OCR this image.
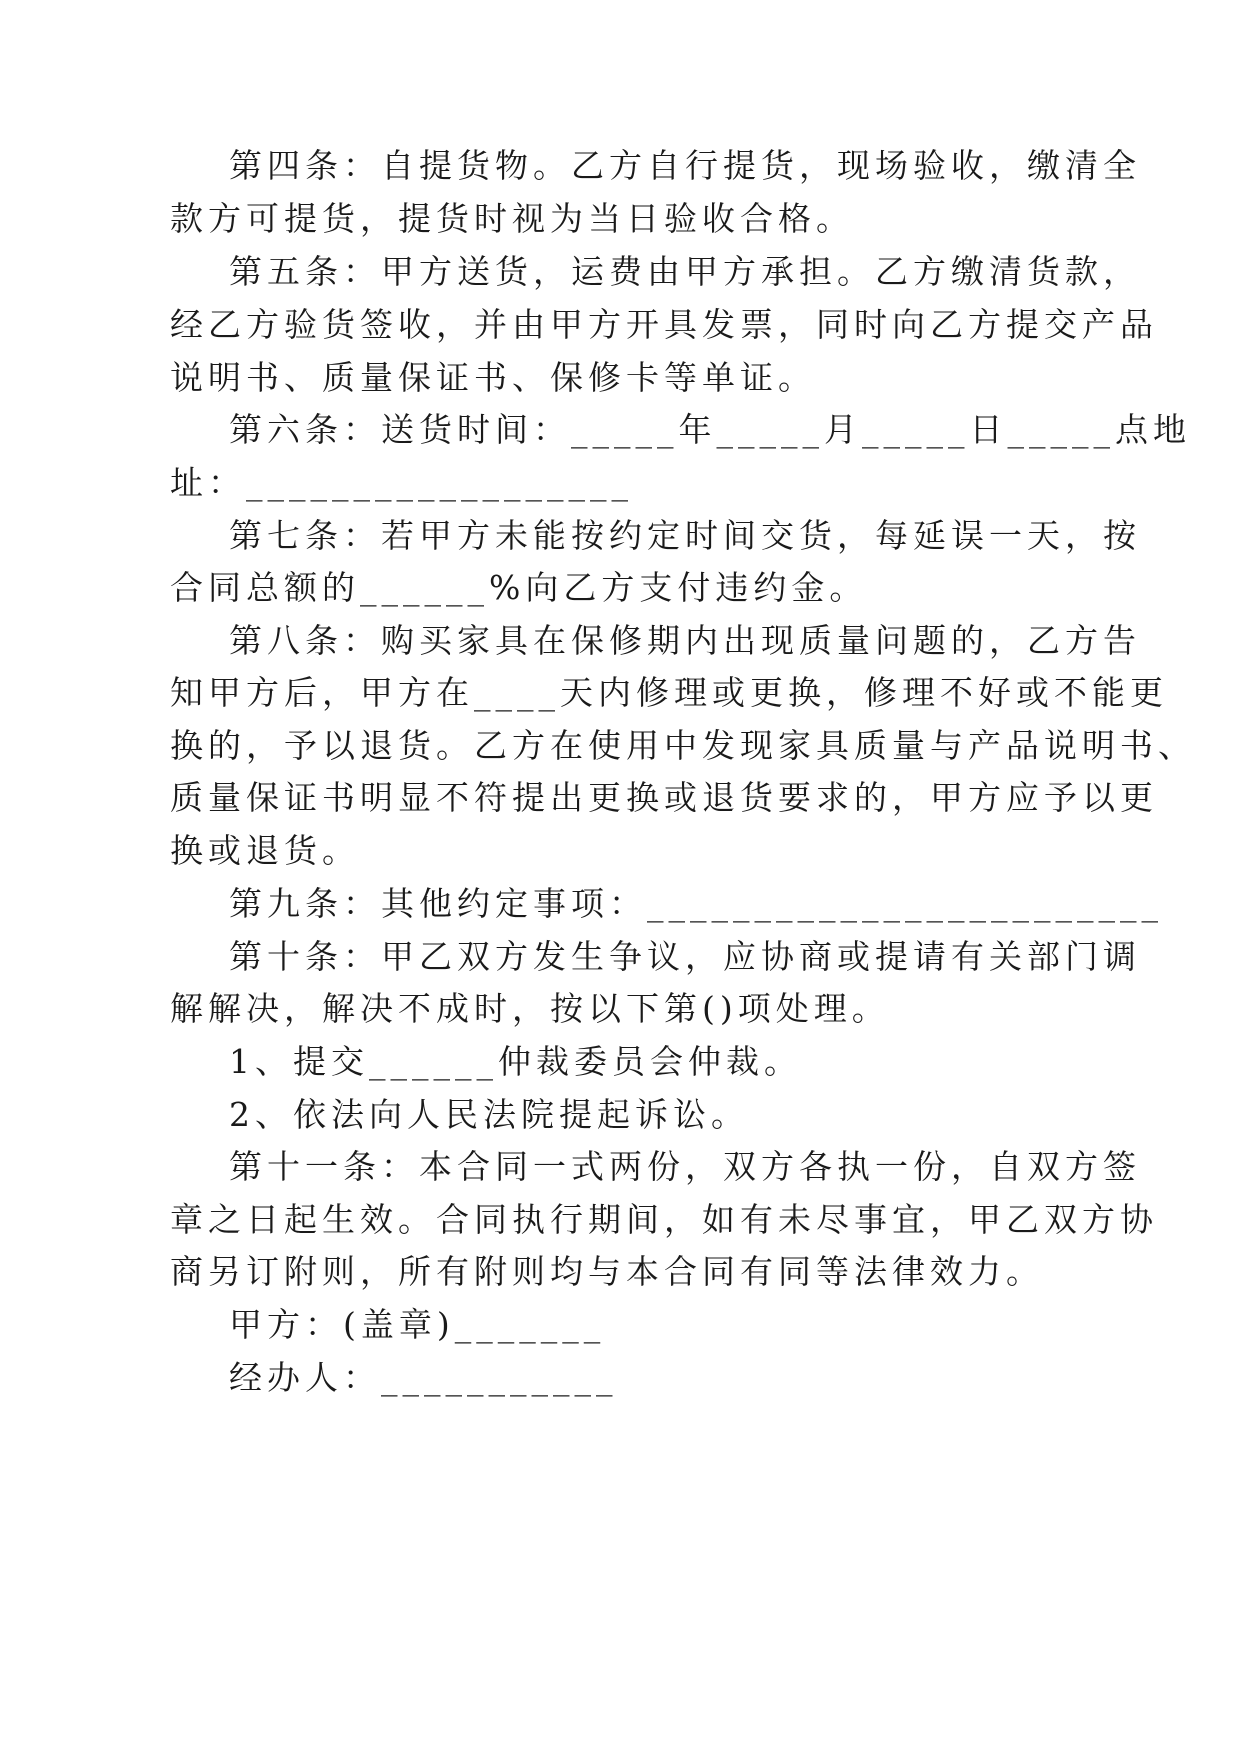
第四条：自提货物。乙方自行提货，现场验收，缴清全

款方可提货，提货时视为当日验收合格。

第五条：甲方送货，运费由甲方承担。乙方缴清货款，

经乙方验货签收，并由甲方开具发票，同时向乙方提交产品

说明书、质量保证书、保修卡等单证。

第六条：送货时间：_____年_____月_____日_____点地

址：__________________

第七条：若甲方未能按约定时间交货，每延误一天，按

合同总额的______%向乙方支付违约金。

第八条：购买家具在保修期内出现质量问题的，乙方告

知甲方后，甲方在____天内修理或更换，修理不好或不能更

换的，予以退货。乙方在使用中发现家具质量与产品说明书、

质量保证书明显不符提出更换或退货要求的，甲方应予以更

换或退货。

第九条：其他约定事项：________________________

第十条：甲乙双方发生争议，应协商或提请有关部门调

解解决，解决不成时，按以下第()项处理。

1、提交______仲裁委员会仲裁。

2、依法向人民法院提起诉讼。

第十一条：本合同一式两份，双方各执一份，自双方签

章之日起生效。合同执行期间，如有未尽事宜，甲乙双方协

商另订附则，所有附则均与本合同有同等法律效力。

甲方：(盖章)_______

经办人：___________
